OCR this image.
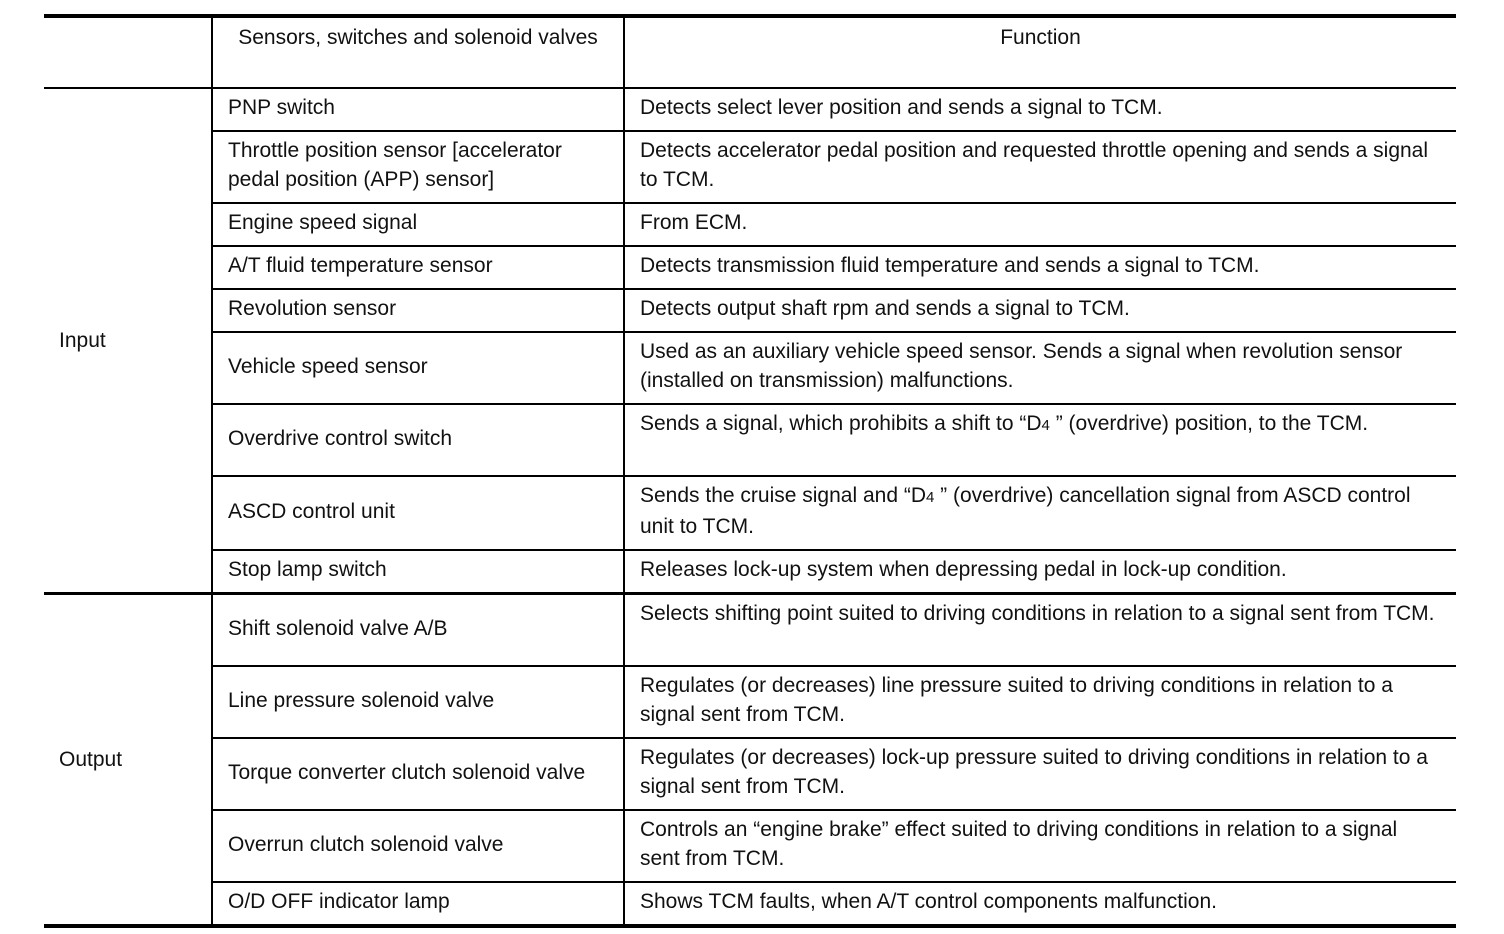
	Sensors, switches and solenoid valves	Function
Input	PNP switch	Detects select lever position and sends a signal to TCM.
	Throttle position sensor [accelerator pedal position (APP) sensor]	Detects accelerator pedal position and requested throttle opening and sends a signal to TCM.
	Engine speed signal	From ECM.
	A/T fluid temperature sensor	Detects transmission fluid temperature and sends a signal to TCM.
	Revolution sensor	Detects output shaft rpm and sends a signal to TCM.
	Vehicle speed sensor	Used as an auxiliary vehicle speed sensor. Sends a signal when revolution sensor (installed on transmission) malfunctions.
	Overdrive control switch	Sends a signal, which prohibits a shift to “D4 ” (overdrive) position, to the TCM.
	ASCD control unit	Sends the cruise signal and “D4 ” (overdrive) cancellation signal from ASCD control unit to TCM.
	Stop lamp switch	Releases lock-up system when depressing pedal in lock-up condition.
Output	Shift solenoid valve A/B	Selects shifting point suited to driving conditions in relation to a signal sent from TCM.
	Line pressure solenoid valve	Regulates (or decreases) line pressure suited to driving conditions in relation to a signal sent from TCM.
	Torque converter clutch solenoid valve	Regulates (or decreases) lock-up pressure suited to driving conditions in relation to a signal sent from TCM.
	Overrun clutch solenoid valve	Controls an “engine brake” effect suited to driving conditions in relation to a signal sent from TCM.
	O/D OFF indicator lamp	Shows TCM faults, when A/T control components malfunction.
